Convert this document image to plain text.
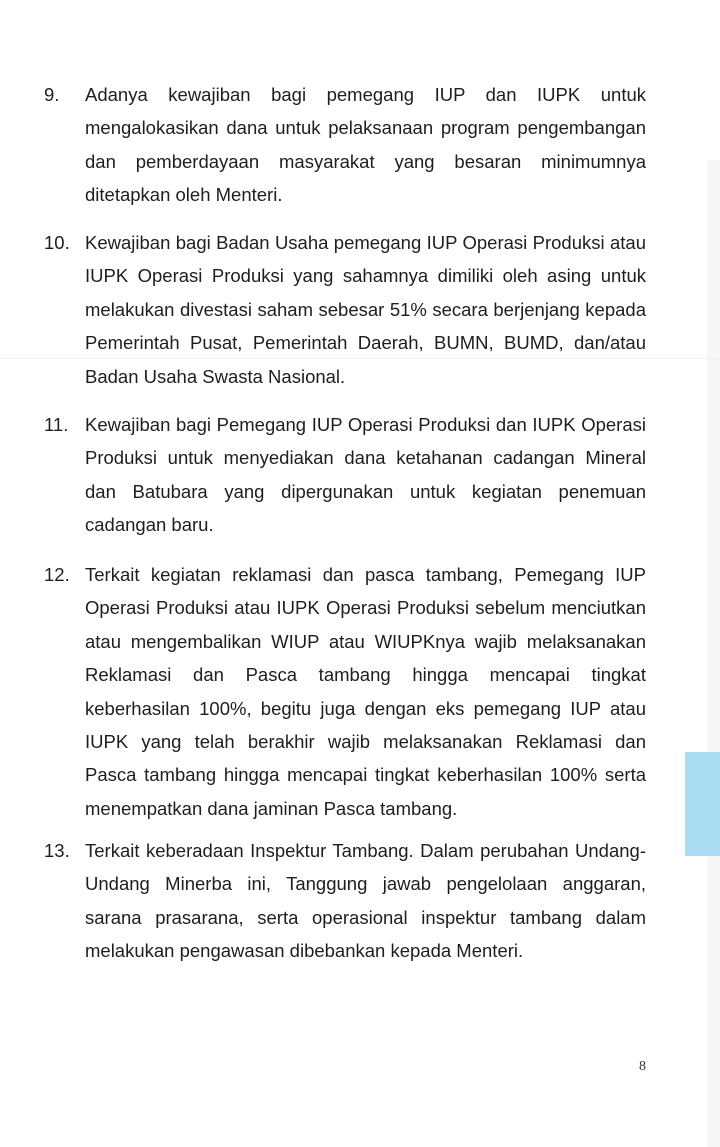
9. Adanya kewajiban bagi pemegang IUP dan IUPK untuk mengalokasikan dana untuk pelaksanaan program pengembangan dan pemberdayaan masyarakat yang besaran minimumnya ditetapkan oleh Menteri.

10. Kewajiban bagi Badan Usaha pemegang IUP Operasi Produksi atau IUPK Operasi Produksi yang sahamnya dimiliki oleh asing untuk melakukan divestasi saham sebesar 51% secara berjenjang kepada Pemerintah Pusat, Pemerintah Daerah, BUMN, BUMD, dan/atau Badan Usaha Swasta Nasional.

11. Kewajiban bagi Pemegang IUP Operasi Produksi dan IUPK Operasi Produksi untuk menyediakan dana ketahanan cadangan Mineral dan Batubara yang dipergunakan untuk kegiatan penemuan cadangan baru.

12. Terkait kegiatan reklamasi dan pasca tambang, Pemegang IUP Operasi Produksi atau IUPK Operasi Produksi sebelum menciutkan atau mengembalikan WIUP atau WIUPKnya wajib melaksanakan Reklamasi dan Pasca tambang hingga mencapai tingkat keberhasilan 100%, begitu juga dengan eks pemegang IUP atau IUPK yang telah berakhir wajib melaksanakan Reklamasi dan Pasca tambang hingga mencapai tingkat keberhasilan 100% serta menempatkan dana jaminan Pasca tambang.

13. Terkait keberadaan Inspektur Tambang. Dalam perubahan Undang-Undang Minerba ini, Tanggung jawab pengelolaan anggaran, sarana prasarana, serta operasional inspektur tambang dalam melakukan pengawasan dibebankan kepada Menteri.

8
